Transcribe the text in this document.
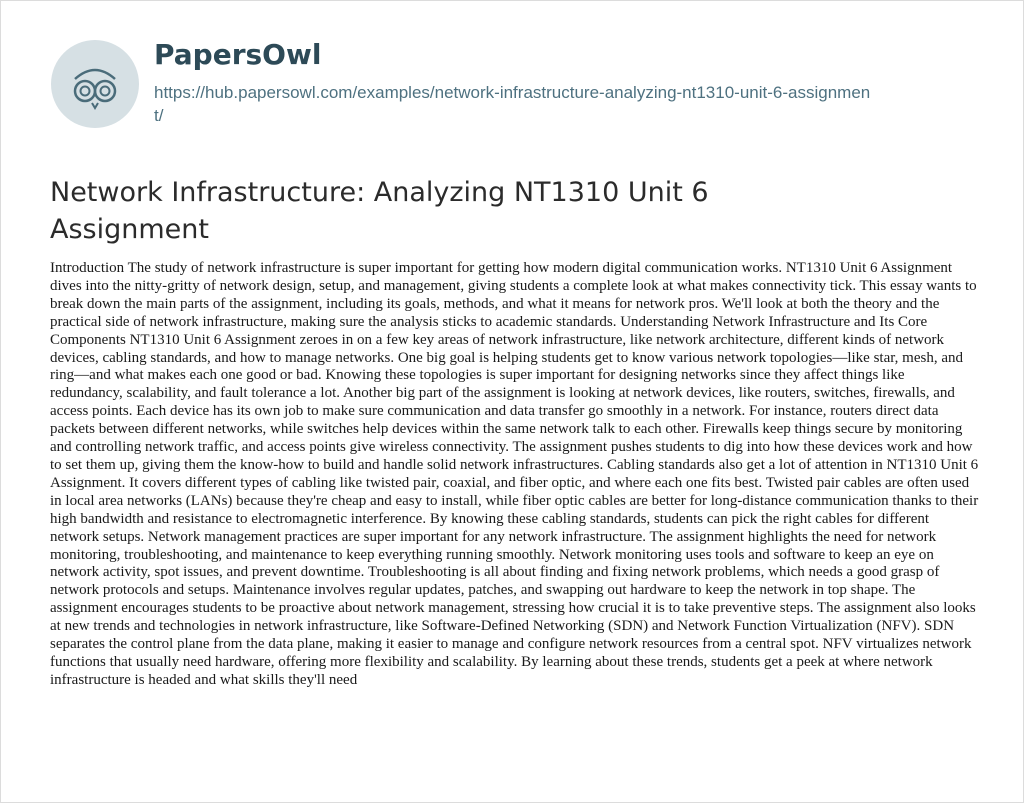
PapersOwl
https://hub.papersowl.com/examples/network-infrastructure-analyzing-nt1310-unit-6-assignment/
Network Infrastructure: Analyzing NT1310 Unit 6 Assignment
Introduction The study of network infrastructure is super important for getting how modern digital communication works. NT1310 Unit 6 Assignment dives into the nitty-gritty of network design, setup, and management, giving students a complete look at what makes connectivity tick. This essay wants to break down the main parts of the assignment, including its goals, methods, and what it means for network pros. We'll look at both the theory and the practical side of network infrastructure, making sure the analysis sticks to academic standards. Understanding Network Infrastructure and Its Core Components NT1310 Unit 6 Assignment zeroes in on a few key areas of network infrastructure, like network architecture, different kinds of network devices, cabling standards, and how to manage networks. One big goal is helping students get to know various network topologies—like star, mesh, and ring—and what makes each one good or bad. Knowing these topologies is super important for designing networks since they affect things like redundancy, scalability, and fault tolerance a lot. Another big part of the assignment is looking at network devices, like routers, switches, firewalls, and access points. Each device has its own job to make sure communication and data transfer go smoothly in a network. For instance, routers direct data packets between different networks, while switches help devices within the same network talk to each other. Firewalls keep things secure by monitoring and controlling network traffic, and access points give wireless connectivity. The assignment pushes students to dig into how these devices work and how to set them up, giving them the know-how to build and handle solid network infrastructures. Cabling standards also get a lot of attention in NT1310 Unit 6 Assignment. It covers different types of cabling like twisted pair, coaxial, and fiber optic, and where each one fits best. Twisted pair cables are often used in local area networks (LANs) because they're cheap and easy to install, while fiber optic cables are better for long-distance communication thanks to their high bandwidth and resistance to electromagnetic interference. By knowing these cabling standards, students can pick the right cables for different network setups. Network management practices are super important for any network infrastructure. The assignment highlights the need for network monitoring, troubleshooting, and maintenance to keep everything running smoothly. Network monitoring uses tools and software to keep an eye on network activity, spot issues, and prevent downtime. Troubleshooting is all about finding and fixing network problems, which needs a good grasp of network protocols and setups. Maintenance involves regular updates, patches, and swapping out hardware to keep the network in top shape. The assignment encourages students to be proactive about network management, stressing how crucial it is to take preventive steps. The assignment also looks at new trends and technologies in network infrastructure, like Software-Defined Networking (SDN) and Network Function Virtualization (NFV). SDN separates the control plane from the data plane, making it easier to manage and configure network resources from a central spot. NFV virtualizes network functions that usually need hardware, offering more flexibility and scalability. By learning about these trends, students get a peek at where network infrastructure is headed and what skills they'll need
